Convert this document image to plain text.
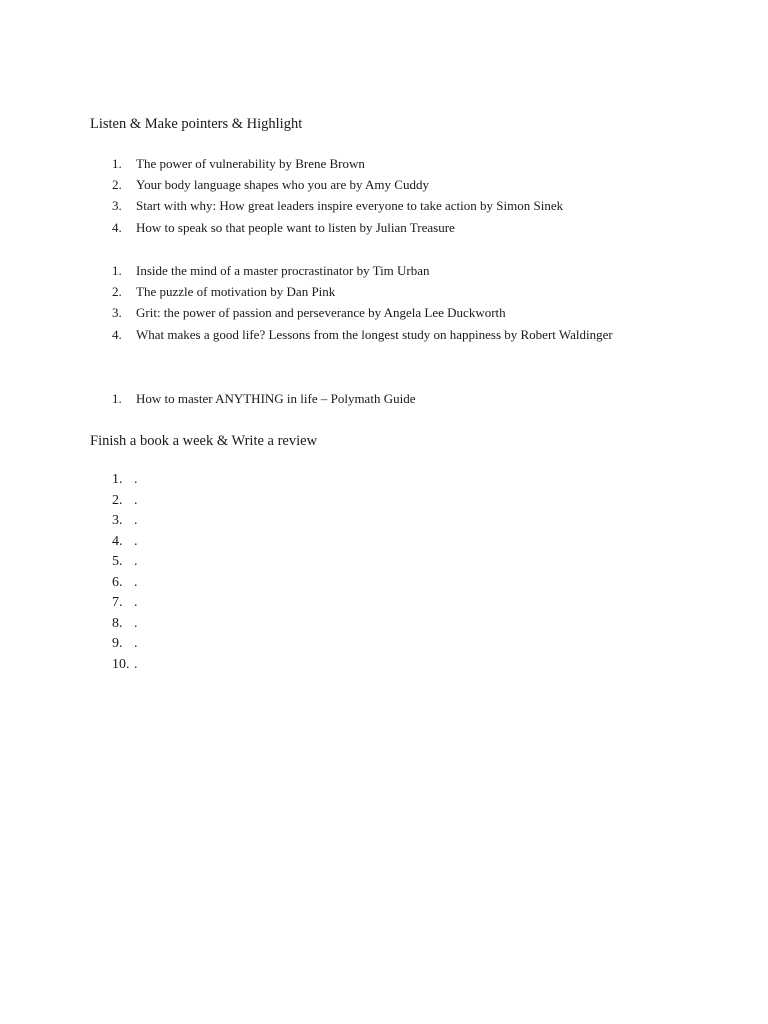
Listen & Make pointers & Highlight
1.	The power of vulnerability by Brene Brown
2.	Your body language shapes who you are by Amy Cuddy
3.	Start with why: How great leaders inspire everyone to take action by Simon Sinek
4.	How to speak so that people want to listen by Julian Treasure
1.	Inside the mind of a master procrastinator by Tim Urban
2.	The puzzle of motivation by Dan Pink
3.	Grit: the power of passion and perseverance by Angela Lee Duckworth
4.	What makes a good life? Lessons from the longest study on happiness by Robert Waldinger
1.	How to master ANYTHING in life – Polymath Guide
Finish a book a week & Write a review
1. .
2. .
3. .
4. .
5. .
6. .
7. .
8. .
9. .
10. .
